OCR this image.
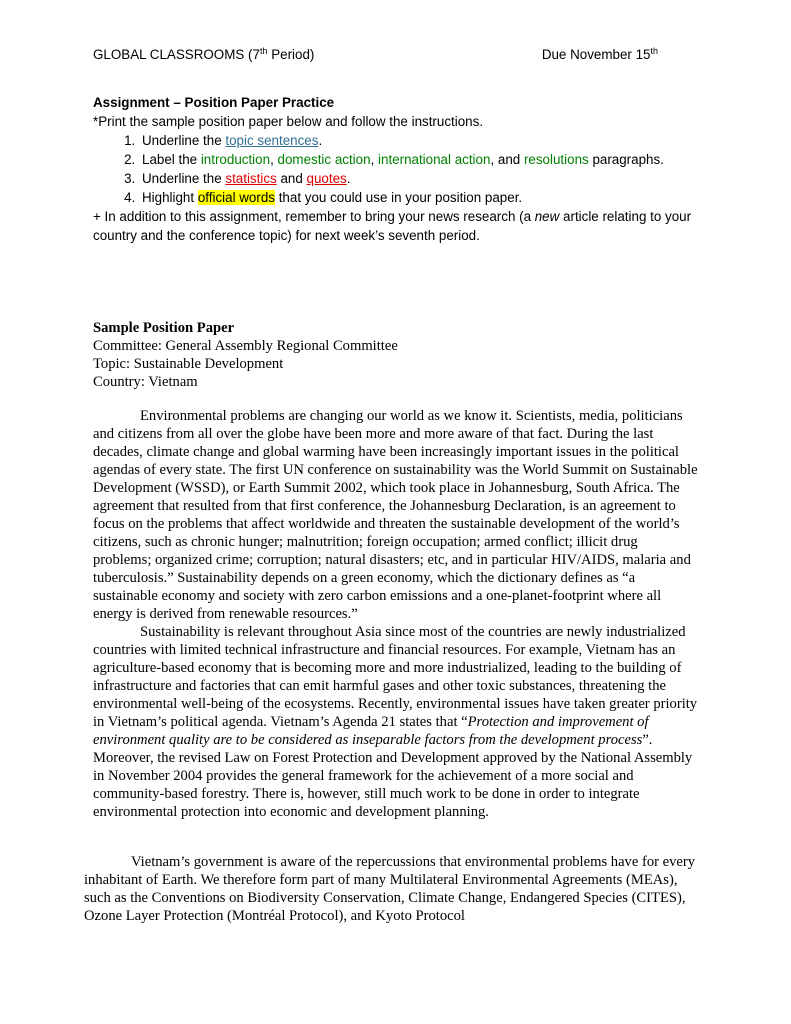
GLOBAL CLASSROOMS (7th Period)	Due November 15th
Assignment – Position Paper Practice
*Print the sample position paper below and follow the instructions.
1. Underline the topic sentences.
2. Label the introduction, domestic action, international action, and resolutions paragraphs.
3. Underline the statistics and quotes.
4. Highlight official words that you could use in your position paper.
+ In addition to this assignment, remember to bring your news research (a new article relating to your country and the conference topic) for next week’s seventh period.
Sample Position Paper
Committee: General Assembly Regional Committee
Topic: Sustainable Development
Country: Vietnam

Environmental problems are changing our world as we know it. Scientists, media, politicians and citizens from all over the globe have been more and more aware of that fact. During the last decades, climate change and global warming have been increasingly important issues in the political agendas of every state. The first UN conference on sustainability was the World Summit on Sustainable Development (WSSD), or Earth Summit 2002, which took place in Johannesburg, South Africa. The agreement that resulted from that first conference, the Johannesburg Declaration, is an agreement to focus on the problems that affect worldwide and threaten the sustainable development of the world’s citizens, such as chronic hunger; malnutrition; foreign occupation; armed conflict; illicit drug problems; organized crime; corruption; natural disasters; etc, and in particular HIV/AIDS, malaria and tuberculosis.” Sustainability depends on a green economy, which the dictionary defines as “a sustainable economy and society with zero carbon emissions and a one-planet-footprint where all energy is derived from renewable resources.”

Sustainability is relevant throughout Asia since most of the countries are newly industrialized countries with limited technical infrastructure and financial resources. For example, Vietnam has an agriculture-based economy that is becoming more and more industrialized, leading to the building of infrastructure and factories that can emit harmful gases and other toxic substances, threatening the environmental well-being of the ecosystems. Recently, environmental issues have taken greater priority in Vietnam’s political agenda. Vietnam’s Agenda 21 states that “Protection and improvement of environment quality are to be considered as inseparable factors from the development process”. Moreover, the revised Law on Forest Protection and Development approved by the National Assembly in November 2004 provides the general framework for the achievement of a more social and community-based forestry. There is, however, still much work to be done in order to integrate environmental protection into economic and development planning.

Vietnam’s government is aware of the repercussions that environmental problems have for every inhabitant of Earth. We therefore form part of many Multilateral Environmental Agreements (MEAs), such as the Conventions on Biodiversity Conservation, Climate Change, Endangered Species (CITES), Ozone Layer Protection (Montréal Protocol), and Kyoto Protocol
